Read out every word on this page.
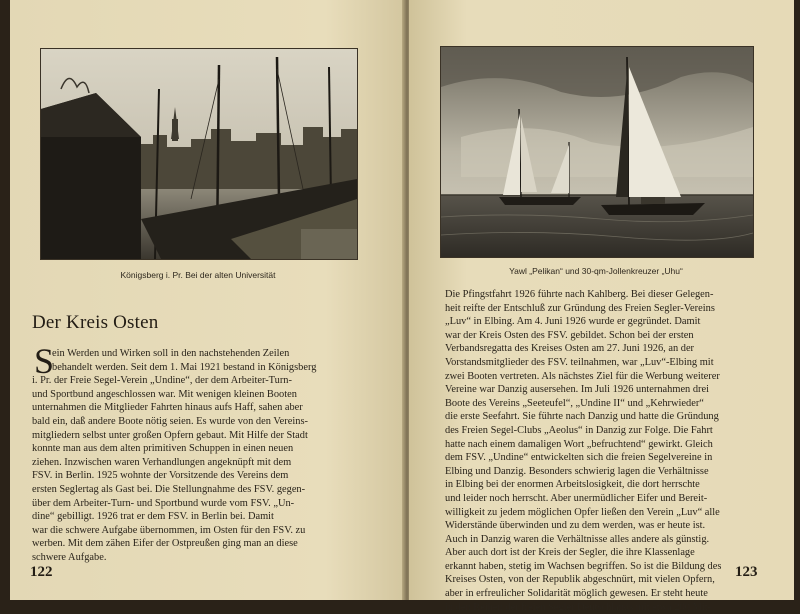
Königsberg i. Pr. Bei der alten Universität
Der Kreis Osten
S

ein Werden und Wirken soll in den nachstehenden Zeilen

behandelt werden. Seit dem 1. Mai 1921 bestand in Königsberg

i. Pr. der Freie Segel-Verein „Undine“, der dem Arbeiter-Turn-

und Sportbund angeschlossen war. Mit wenigen kleinen Booten

unternahmen die Mitglieder Fahrten hinaus aufs Haff, sahen aber

bald ein, daß andere Boote nötig seien. Es wurde von den Vereins-

mitgliedern selbst unter großen Opfern gebaut. Mit Hilfe der Stadt

konnte man aus dem alten primitiven Schuppen in einen neuen

ziehen. Inzwischen waren Verhandlungen angeknüpft mit dem

FSV. in Berlin. 1925 wohnte der Vorsitzende des Vereins dem

ersten Seglertag als Gast bei. Die Stellungnahme des FSV. gegen-

über dem Arbeiter-Turn- und Sportbund wurde vom FSV. „Un-

dine“ gebilligt. 1926 trat er dem FSV. in Berlin bei. Damit

war die schwere Aufgabe übernommen, im Osten für den FSV. zu

werben. Mit dem zähen Eifer der Ostpreußen ging man an diese

schwere Aufgabe.

122
Yawl „Pelikan“ und 30-qm-Jollenkreuzer „Uhu“

Die Pfingstfahrt 1926 führte nach Kahlberg. Bei dieser Gelegen-

heit reifte der Entschluß zur Gründung des Freien Segler-Vereins

„Luv“ in Elbing. Am 4. Juni 1926 wurde er gegründet. Damit

war der Kreis Osten des FSV. gebildet. Schon bei der ersten

Verbandsregatta des Kreises Osten am 27. Juni 1926, an der

Vorstandsmitglieder des FSV. teilnahmen, war „Luv“-Elbing mit

zwei Booten vertreten. Als nächstes Ziel für die Werbung weiterer

Vereine war Danzig ausersehen. Im Juli 1926 unternahmen drei

Boote des Vereins „Seeteufel“, „Undine II“ und „Kehrwieder“

die erste Seefahrt. Sie führte nach Danzig und hatte die Gründung

des Freien Segel-Clubs „Aeolus“ in Danzig zur Folge. Die Fahrt

hatte nach einem damaligen Wort „befruchtend“ gewirkt. Gleich

dem FSV. „Undine“ entwickelten sich die freien Segelvereine in

Elbing und Danzig. Besonders schwierig lagen die Verhältnisse

in Elbing bei der enormen Arbeitslosigkeit, die dort herrschte

und leider noch herrscht. Aber unermüdlicher Eifer und Bereit-

willigkeit zu jedem möglichen Opfer ließen den Verein „Luv“ alle

Widerstände überwinden und zu dem werden, was er heute ist.

Auch in Danzig waren die Verhältnisse alles andere als günstig.

Aber auch dort ist der Kreis der Segler, die ihre Klassenlage

erkannt haben, stetig im Wachsen begriffen. So ist die Bildung des

Kreises Osten, von der Republik abgeschnürt, mit vielen Opfern,

aber in erfreulicher Solidarität möglich gewesen. Er steht heute

in den Reihen der freien Segler Deutschlands mit etwa 200 Mit-

123
